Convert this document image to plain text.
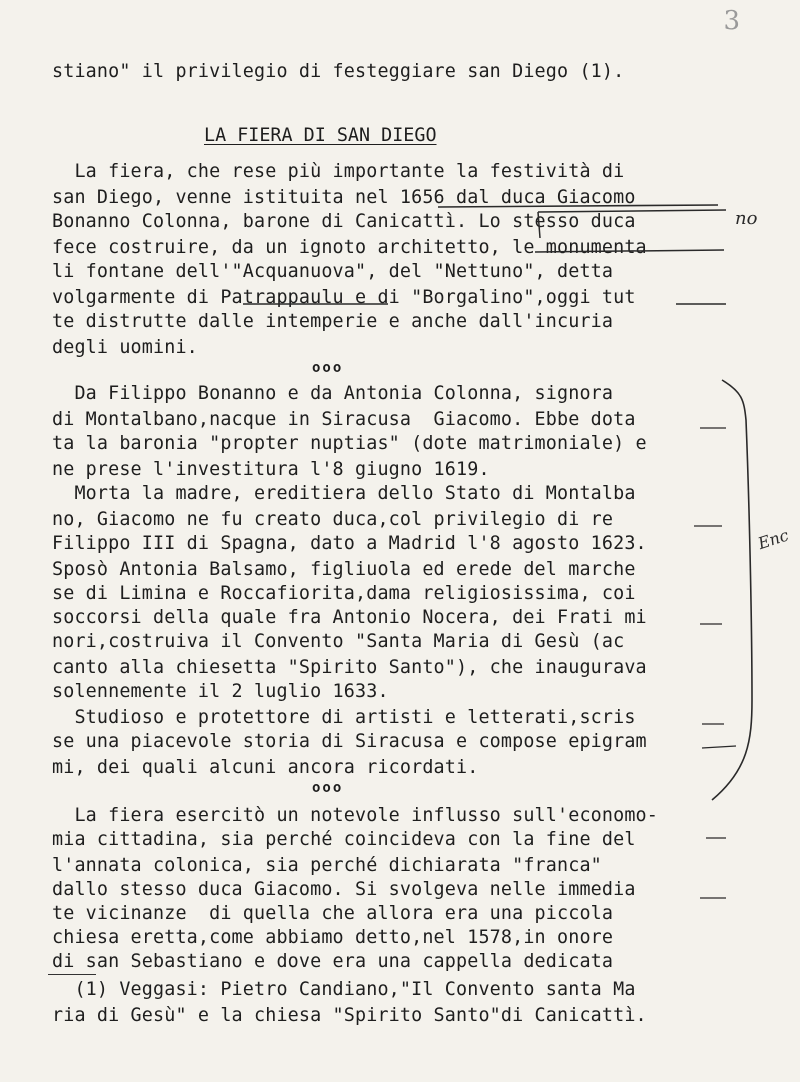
3
stiano" il privilegio di festeggiare san Diego (1).
LA FIERA DI SAN DIEGO
La fiera, che rese più importante la festività di
san Diego, venne istituita nel 1656 dal duca Giacomo
Bonanno Colonna, barone di Canicattì. Lo stesso duca
fece costruire, da un ignoto architetto, le monumenta
li fontane dell'"Acquanuova", del "Nettuno", detta
volgarmente di Patrappaulu e di "Borgalino",oggi tut
te distrutte dalle intemperie e anche dall'incuria
degli uomini.
ooo
Da Filippo Bonanno e da Antonia Colonna, signora
di Montalbano,nacque in Siracusa  Giacomo. Ebbe dota
ta la baronia "propter nuptias" (dote matrimoniale) e
ne prese l'investitura l'8 giugno 1619.
Morta la madre, ereditiera dello Stato di Montalba
no, Giacomo ne fu creato duca,col privilegio di re
Filippo III di Spagna, dato a Madrid l'8 agosto 1623.
Sposò Antonia Balsamo, figliuola ed erede del marche
se di Limina e Roccafiorita,dama religiosissima, coi
soccorsi della quale fra Antonio Nocera, dei Frati mi
nori,costruiva il Convento "Santa Maria di Gesù (ac
canto alla chiesetta "Spirito Santo"), che inaugurava
solennemente il 2 luglio 1633.
Studioso e protettore di artisti e letterati,scris
se una piacevole storia di Siracusa e compose epigram
mi, dei quali alcuni ancora ricordati.
ooo
La fiera esercitò un notevole influsso sull'economo-
mia cittadina, sia perché coincideva con la fine del
l'annata colonica, sia perché dichiarata "franca"
dallo stesso duca Giacomo. Si svolgeva nelle immedia
te vicinanze  di quella che allora era una piccola
chiesa eretta,come abbiamo detto,nel 1578,in onore
di san Sebastiano e dove era una cappella dedicata
(1) Veggasi: Pietro Candiano,"Il Convento santa Ma
ria di Gesù" e la chiesa "Spirito Santo"di Canicattì.
no
Enc
